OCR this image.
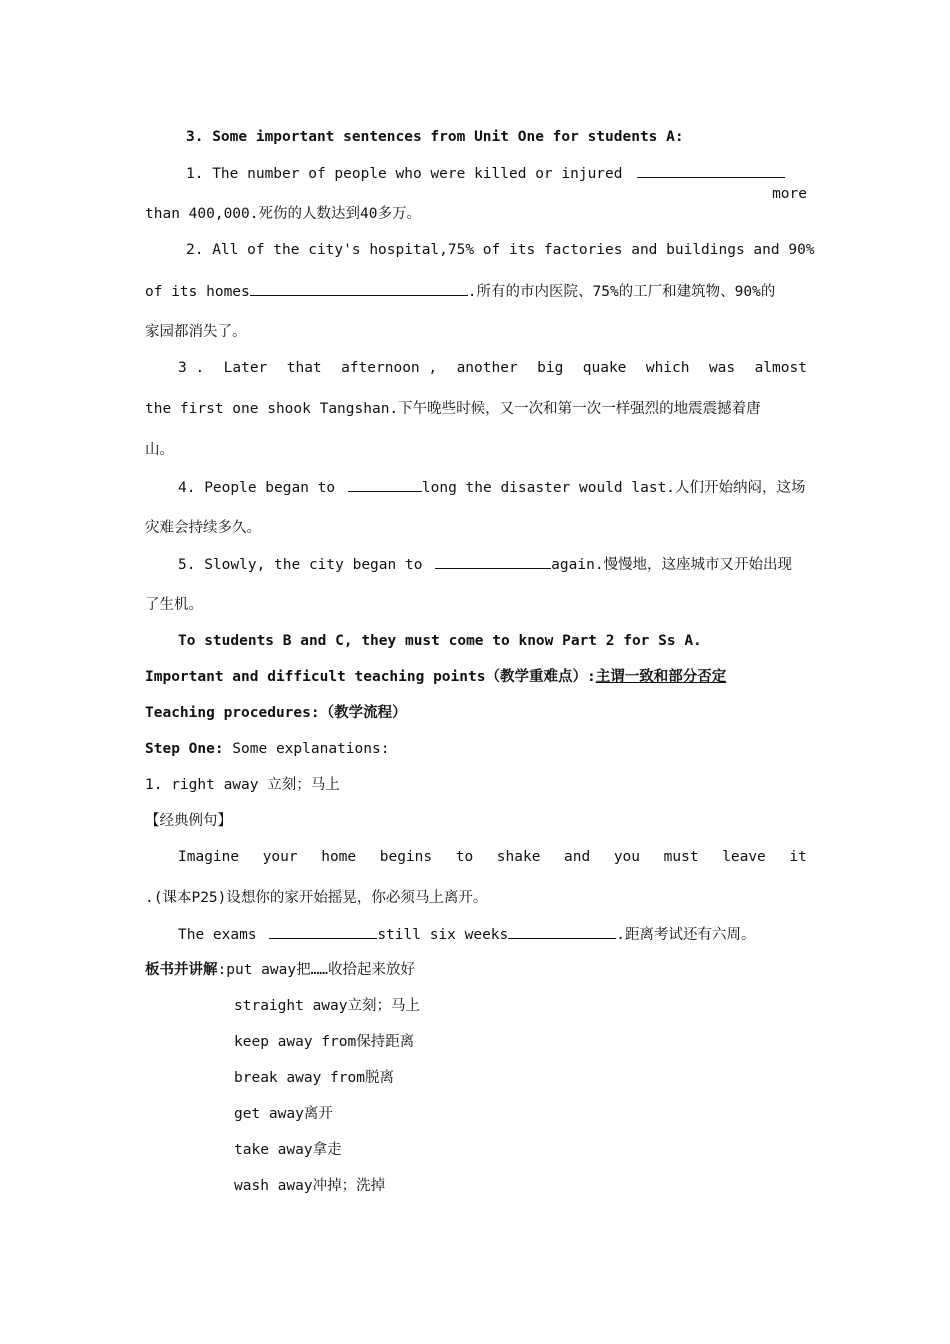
3. Some important sentences from Unit One for students A:
1. The number of people who were killed or injured
more
than 400,000.死伤的人数达到40多万。
2. All of the city's hospital,75% of its factories and buildings and 90%
of its homes	.所有的市内医院、75%的工厂和建筑物、90%的
家园都消失了。
3 . Later that afternoon , another big quake which was almost
the first one shook Tangshan.下午晚些时候，又一次和第一次一样强烈的地震震撼着唐
山。
4. People began to	long the disaster would last.人们开始纳闷，这场
灾难会持续多久。
5. Slowly, the city began to	again.慢慢地，这座城市又开始出现
了生机。
To students B and C, they must come to know Part 2 for Ss A.
Important and difficult teaching points（教学重难点）:主谓一致和部分否定
Teaching procedures:（教学流程）
Step One: Some explanations:
1. right away 立刻；马上
【经典例句】
Imagine your home begins to shake and you must leave it
.(课本P25)设想你的家开始摇晃，你必须马上离开。
The exams	still six weeks	.距离考试还有六周。
板书并讲解:put away把……收拾起来放好
straight away立刻；马上
keep away from保持距离
break away from脱离
get away离开
take away拿走
wash away冲掉；洗掉
